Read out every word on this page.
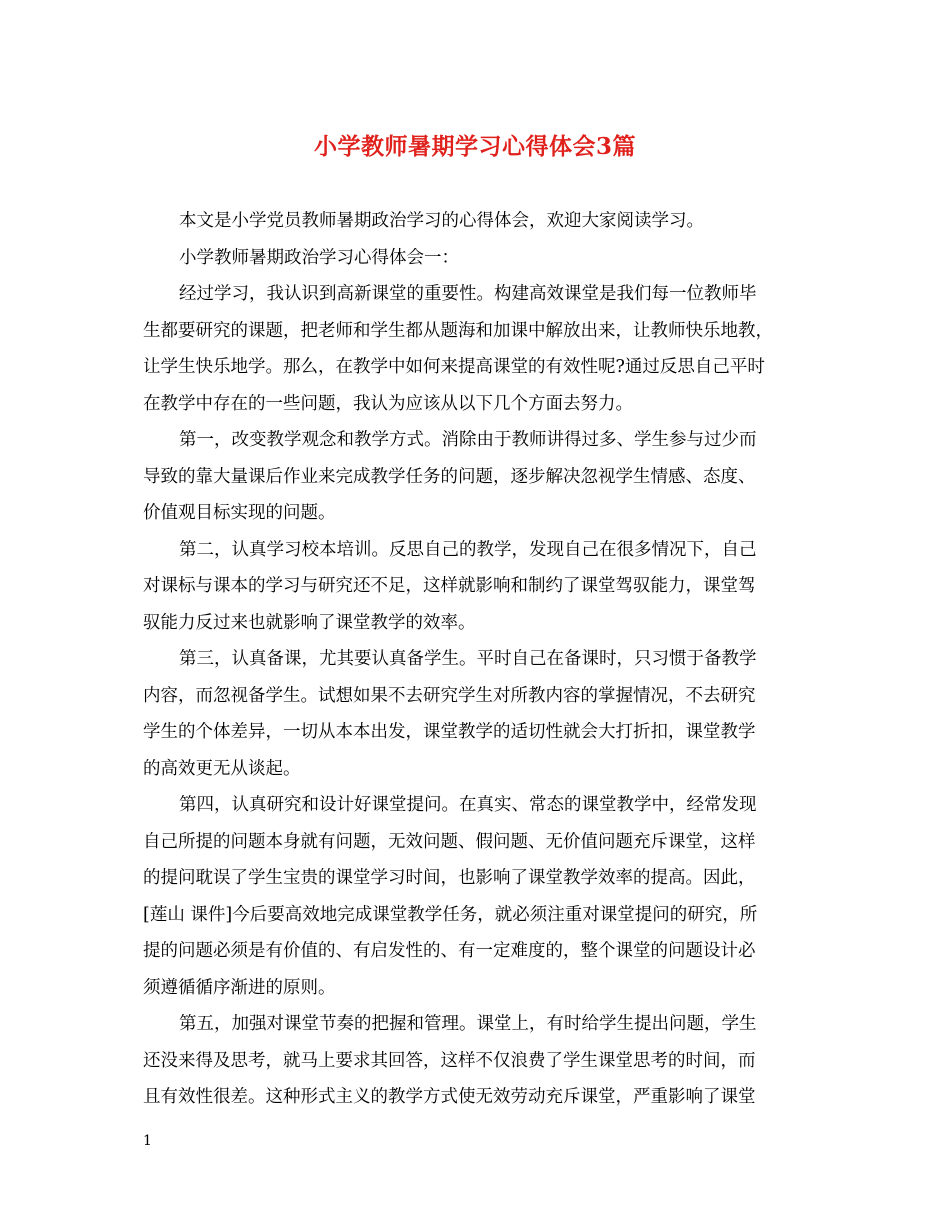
小学教师暑期学习心得体会3篇
本文是小学党员教师暑期政治学习的心得体会，欢迎大家阅读学习。
小学教师暑期政治学习心得体会一：
经过学习，我认识到高新课堂的重要性。构建高效课堂是我们每一位教师毕
生都要研究的课题，把老师和学生都从题海和加课中解放出来，让教师快乐地教，
让学生快乐地学。那么，在教学中如何来提高课堂的有效性呢?通过反思自己平时
在教学中存在的一些问题，我认为应该从以下几个方面去努力。
第一，改变教学观念和教学方式。消除由于教师讲得过多、学生参与过少而
导致的靠大量课后作业来完成教学任务的问题，逐步解决忽视学生情感、态度、
价值观目标实现的问题。
第二，认真学习校本培训。反思自己的教学，发现自己在很多情况下，自己
对课标与课本的学习与研究还不足，这样就影响和制约了课堂驾驭能力，课堂驾
驭能力反过来也就影响了课堂教学的效率。
第三，认真备课，尤其要认真备学生。平时自己在备课时，只习惯于备教学
内容，而忽视备学生。试想如果不去研究学生对所教内容的掌握情况，不去研究
学生的个体差异，一切从本本出发，课堂教学的适切性就会大打折扣，课堂教学
的高效更无从谈起。
第四，认真研究和设计好课堂提问。在真实、常态的课堂教学中，经常发现
自己所提的问题本身就有问题，无效问题、假问题、无价值问题充斥课堂，这样
的提问耽误了学生宝贵的课堂学习时间，也影响了课堂教学效率的提高。因此，
[莲山 课件]今后要高效地完成课堂教学任务，就必须注重对课堂提问的研究，所
提的问题必须是有价值的、有启发性的、有一定难度的，整个课堂的问题设计必
须遵循循序渐进的原则。
第五，加强对课堂节奏的把握和管理。课堂上，有时给学生提出问题，学生
还没来得及思考，就马上要求其回答，这样不仅浪费了学生课堂思考的时间，而
且有效性很差。这种形式主义的教学方式使无效劳动充斥课堂，严重影响了课堂
1
